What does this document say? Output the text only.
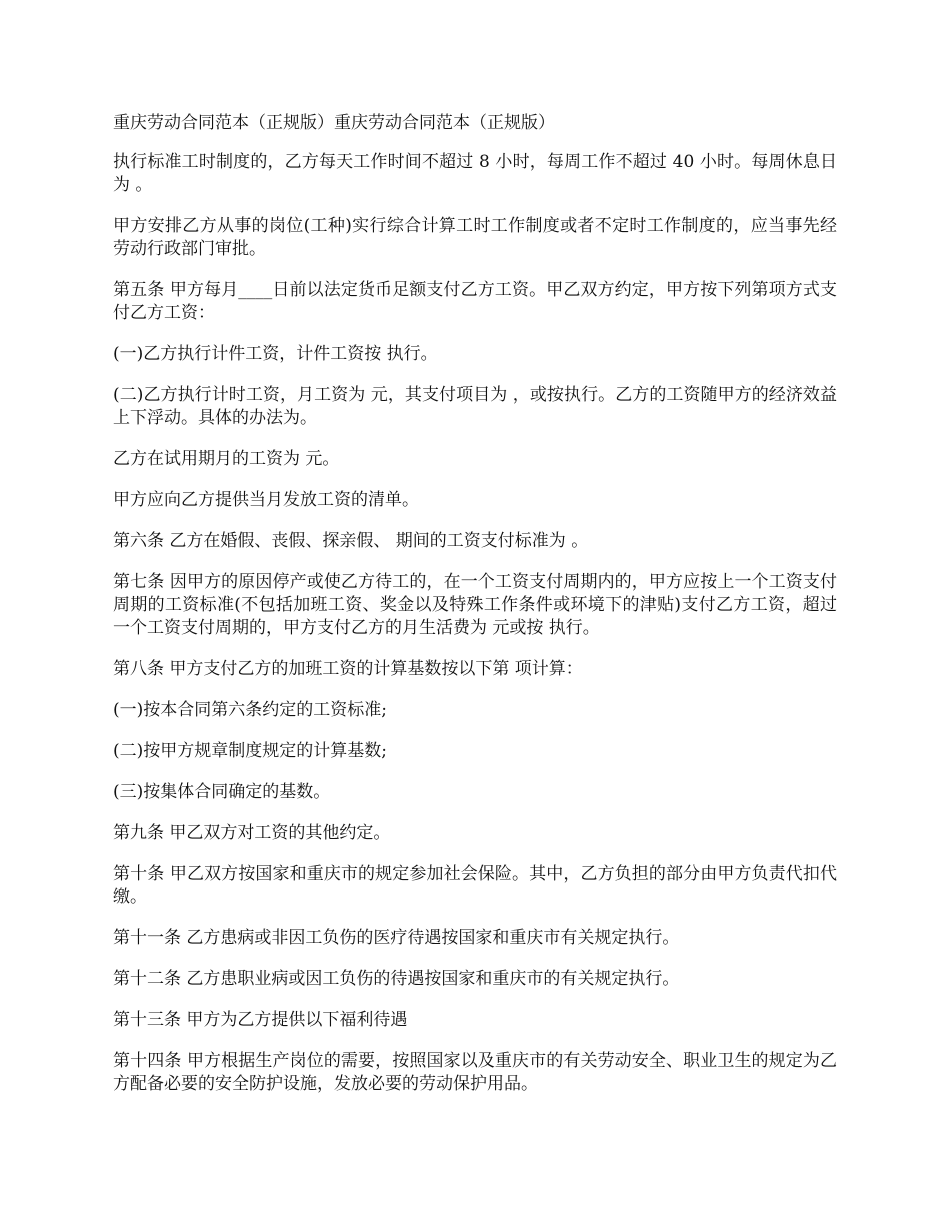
重庆劳动合同范本（正规版）重庆劳动合同范本（正规版）

执行标准工时制度的，乙方每天工作时间不超过 8 小时，每周工作不超过 40 小时。每周休息日为 。

甲方安排乙方从事的岗位(工种)实行综合计算工时工作制度或者不定时工作制度的，应当事先经劳动行政部门审批。

第五条 甲方每月____日前以法定货币足额支付乙方工资。甲乙双方约定，甲方按下列第项方式支付乙方工资：

(一)乙方执行计件工资，计件工资按 执行。

(二)乙方执行计时工资，月工资为 元，其支付项目为 ，或按执行。乙方的工资随甲方的经济效益上下浮动。具体的办法为。

乙方在试用期月的工资为 元。

甲方应向乙方提供当月发放工资的清单。

第六条 乙方在婚假、丧假、探亲假、 期间的工资支付标准为 。

第七条 因甲方的原因停产或使乙方待工的，在一个工资支付周期内的，甲方应按上一个工资支付周期的工资标准(不包括加班工资、奖金以及特殊工作条件或环境下的津贴)支付乙方工资，超过一个工资支付周期的，甲方支付乙方的月生活费为 元或按 执行。

第八条 甲方支付乙方的加班工资的计算基数按以下第 项计算：

(一)按本合同第六条约定的工资标准;

(二)按甲方规章制度规定的计算基数;

(三)按集体合同确定的基数。

第九条 甲乙双方对工资的其他约定。

第十条 甲乙双方按国家和重庆市的规定参加社会保险。其中，乙方负担的部分由甲方负责代扣代缴。

第十一条 乙方患病或非因工负伤的医疗待遇按国家和重庆市有关规定执行。

第十二条 乙方患职业病或因工负伤的待遇按国家和重庆市的有关规定执行。

第十三条 甲方为乙方提供以下福利待遇

第十四条 甲方根据生产岗位的需要，按照国家以及重庆市的有关劳动安全、职业卫生的规定为乙方配备必要的安全防护设施，发放必要的劳动保护用品。
